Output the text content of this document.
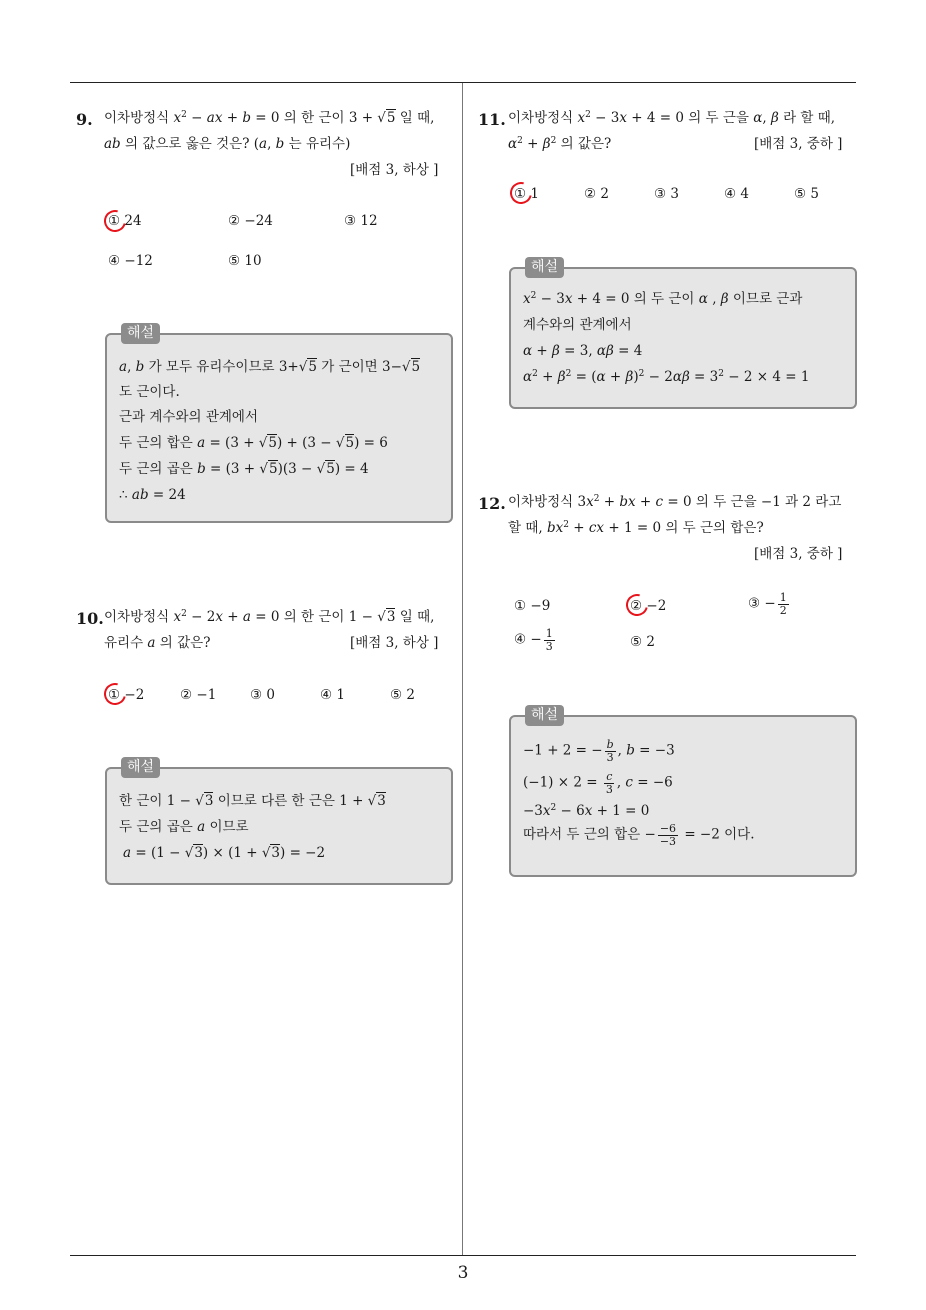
9. 이차방정식 $x^2$ − ax + b = 0 의 한 근이 3 + √5 일 때,
ab 의 값으로 옳은 것은? (a, b 는 유리수)
[배점 3, 하상 ]
① 24	② −24	③ 12
④ −12	⑤ 10
해설
a, b 가 모두 유리수이므로 3+√5 가 근이면 3−√5
도 근이다.
근과 계수와의 관계에서
두 근의 합은 a = (3 + √5) + (3 − √5) = 6
두 근의 곱은 b = (3 + √5)(3 − √5) = 4
∴ ab = 24
10. 이차방정식 $x^2 - 2x + a = 0$ 의 한 근이 1 − √3 일 때,
유리수 a 의 값은?	[배점 3, 하상 ]
① −2	② −1 ③ 0	④ 1	⑤ 2
해설
한 근이 1 − √3 이므로 다른 한 근은 1 + √3
두 근의 곱은 a 이므로
a = (1 − √3) × (1 + √3) = −2
11. 이차방정식 $x^2 - 3x + 4 = 0$ 의 두 근을 α, β 라 할 때,
$\alpha^2 + \beta^2$ 의 값은?	[배점 3, 중하 ]
① 1	② 2	③ 3	④ 4	⑤ 5
해설
$x^2 - 3x + 4 = 0$ 의 두 근이 α , β 이므로 근과
계수와의 관계에서
α + β = 3, αβ = 4
$\alpha^2 + \beta^2 = (\alpha + \beta)^2 - 2\alpha\beta = 3^2 - 2 \times 4 = 1$
12. 이차방정식 $3x^2$ + bx + c = 0 의 두 근을 −1 과 2 라고
할 때, $bx^2$ + cx + 1 = 0 의 두 근의 합은?
[배점 3, 중하 ]
① −9	② −2	③ − $\frac{1}{2}$
④ − $\frac{1}{3}$	⑤ 2
해설
−1 + 2 = − $\frac{b}{3}$ , b = −3
$(-1) \times 2 = \frac{c}{3}$ , c = −6
$-3x^2 - 6x + 1 = 0$
따라서 두 근의 합은 − $\frac{-6}{-3} = -2$ 이다.
3
